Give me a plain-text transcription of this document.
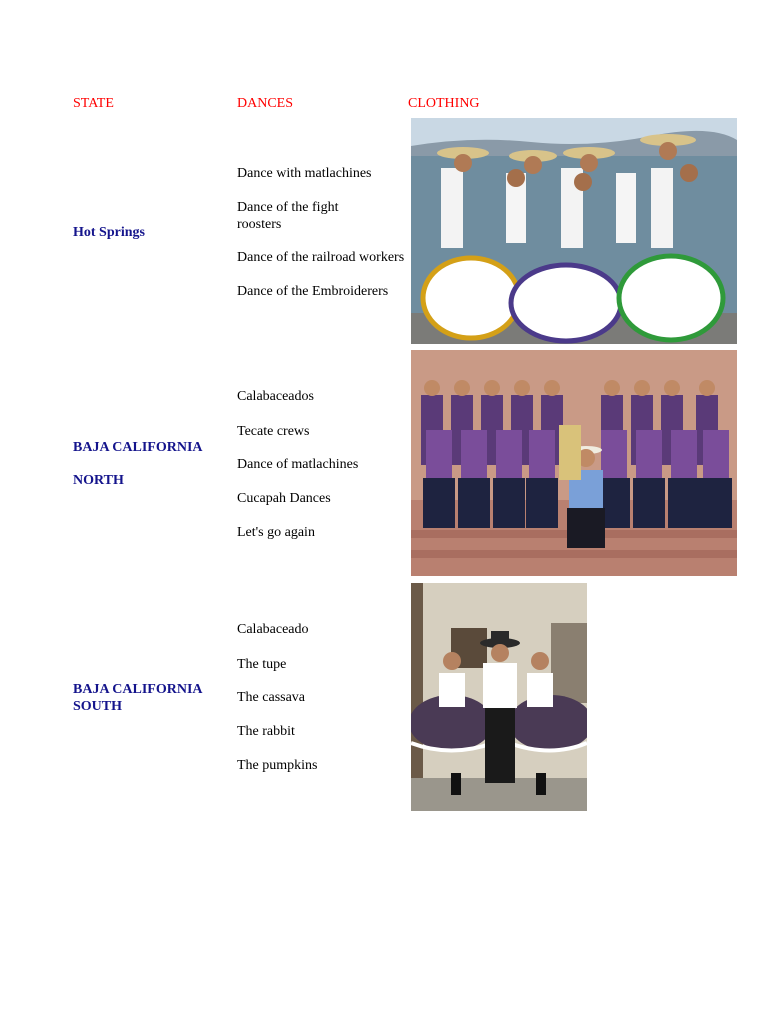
STATE	DANCES	CLOTHING
Hot Springs
Dance with matlachines
Dance of the fight roosters
Dance of the railroad workers
Dance of the Embroiderers
BAJA CALIFORNIA
NORTH
Calabaceados
Tecate crews
Dance of matlachines
Cucapah Dances
Let's go again
BAJA CALIFORNIA SOUTH
Calabaceado
The tupe
The cassava
The rabbit
The pumpkins
